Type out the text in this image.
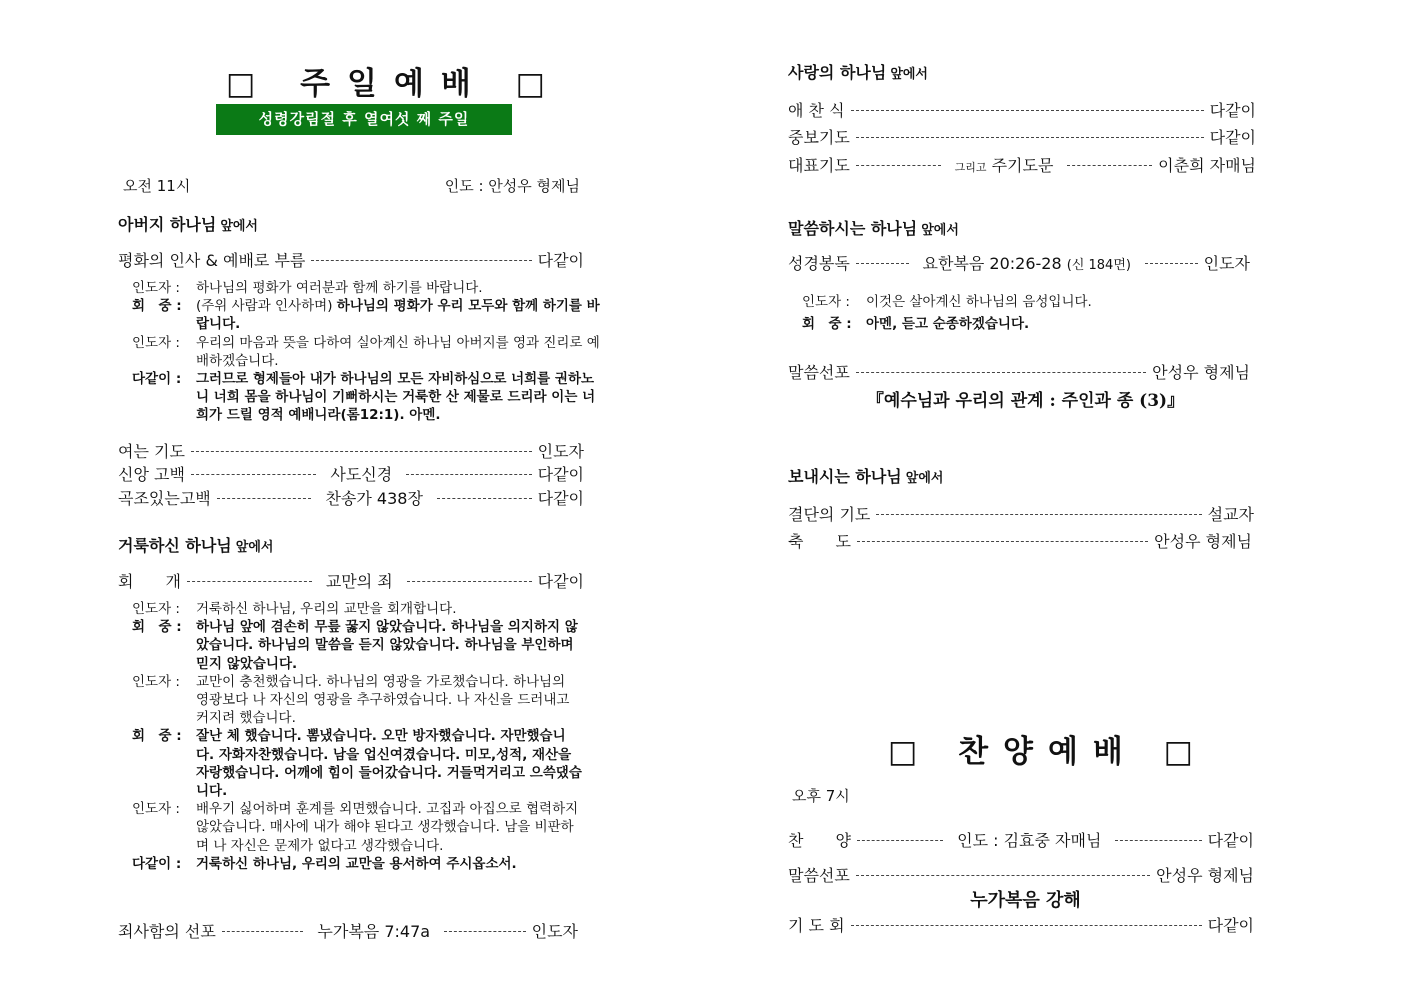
□ 주일예배 □
성령강림절 후 열여섯 째 주일
오전 11시	인도 : 안성우 형제님
아버지 하나님 앞에서
평화의 인사 & 예배로 부름	다같이
인도자 :	하나님의 평화가 여러분과 함께 하기를 바랍니다.
회　중 :	(주위 사람과 인사하며) 하나님의 평화가 우리 모두와 함께 하기를 바랍니다.
인도자 :	우리의 마음과 뜻을 다하여 실아계신 하나님 아버지를 영과 진리로 예배하겠습니다.
다같이 :	그러므로 형제들아 내가 하나님의 모든 자비하심으로 너희를 권하노니 너희 몸을 하나님이 기뻐하시는 거룩한 산 제물로 드리라 이는 너희가 드릴 영적 예배니라(롬12:1). 아멘.
여는 기도	인도자
신앙 고백	사도신경	다같이
곡조있는고백	찬송가 438장	다같이
거룩하신 하나님 앞에서
회　　개	교만의 죄	다같이
인도자 :	거룩하신 하나님, 우리의 교만을 회개합니다.
회　중 :	하나님 앞에 겸손히 무릎 꿇지 않았습니다. 하나님을 의지하지 않았습니다. 하나님의 말씀을 듣지 않았습니다. 하나님을 부인하며 믿지 않았습니다.
인도자 :	교만이 충천했습니다. 하나님의 영광을 가로챘습니다. 하나님의 영광보다 나 자신의 영광을 추구하였습니다. 나 자신을 드러내고 커지려 했습니다.
회　중 :	잘난 체 했습니다. 뽐냈습니다. 오만 방자했습니다. 자만했습니다. 자화자찬했습니다. 남을 업신여겼습니다. 미모,성적, 재산을 자랑했습니다. 어깨에 힘이 들어갔습니다. 거들먹거리고 으쓱댔습니다.
인도자 :	배우기 싫어하며 훈계를 외면했습니다. 고집과 아집으로 협력하지 않았습니다. 매사에 내가 해야 된다고 생각했습니다. 남을 비판하며 나 자신은 문제가 없다고 생각했습니다.
다같이 :	거룩하신 하나님, 우리의 교만을 용서하여 주시옵소서.
죄사함의 선포	누가복음 7:47a	인도자
사랑의 하나님 앞에서
애 찬 식	다같이
중보기도	다같이
대표기도	그리고 주기도문	이춘희 자매님
말씀하시는 하나님 앞에서
성경봉독	요한복음 20:26-28 (신 184면)	인도자
인도자 :	이것은 살아계신 하나님의 음성입니다.
회　중 :	아멘, 듣고 순종하겠습니다.
말씀선포	안성우 형제님
『예수님과 우리의 관계 : 주인과 종 (3)』
보내시는 하나님 앞에서
결단의 기도	설교자
축　　도	안성우 형제님
□ 찬양예배 □
오후 7시
찬　　양	인도 : 김효중 자매님	다같이
말씀선포	안성우 형제님
누가복음 강해
기 도 회	다같이
